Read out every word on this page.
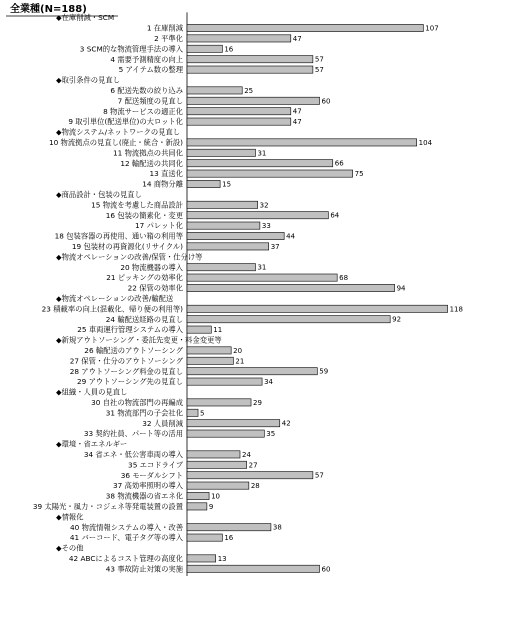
全業種(N=188)
◆在庫削減・SCM
1 在庫削減	107
2 平準化	47
3 SCM的な物流管理手法の導入	16
4 需要予測精度の向上	57
5 アイテム数の整理	57
◆取引条件の見直し
6 配送先数の絞り込み	25
7 配送頻度の見直し	60
8 物流サービスの適正化	47
9 取引単位(配送単位)の大ロット化	47
◆物流システム/ネットワークの見直し
10 物流拠点の見直し(廃止・統合・新設)	104
11 物流拠点の共同化	31
12 輸配送の共同化	66
13 直送化	75
14 商物分離	15
◆商品設計・包装の見直し
15 物流を考慮した商品設計	32
16 包装の簡素化・変更	64
17 パレット化	33
18 包装容器の再使用、通い箱の利用等	44
19 包装材の再資源化(リサイクル)	37
◆物流オペレーションの改善/保管・仕分け等
20 物流機器の導入	31
21 ピッキングの効率化	68
22 保管の効率化	94
◆物流オペレーションの改善/輸配送
23 積載率の向上(混載化、帰り便の利用等)	118
24 輸配送経路の見直し	92
25 車両運行管理システムの導入	11
◆新規アウトソーシング・委託先変更・料金変更等
26 輸配送のアウトソーシング	20
27 保管・仕分のアウトソーシング	21
28 アウトソーシング料金の見直し	59
29 アウトソーシング先の見直し	34
◆組織・人員の見直し
30 自社の物流部門の再編成	29
31 物流部門の子会社化 5
32 人員削減	42
33 契約社員、パート等の活用	35
◆環境・省エネルギー
34 省エネ・低公害車両の導入	24
35 エコドライブ	27
36 モーダルシフト	57
37 高効率照明の導入	28
38 物流機器の省エネ化	10
39 太陽光・風力・コジェネ等発電装置の設置	9
◆情報化
40 物流情報システムの導入・改善	38
41 バーコード、電子タグ等の導入	16
◆その他
42 ABCによるコスト管理の高度化	13
43 事故防止対策の実施	60
